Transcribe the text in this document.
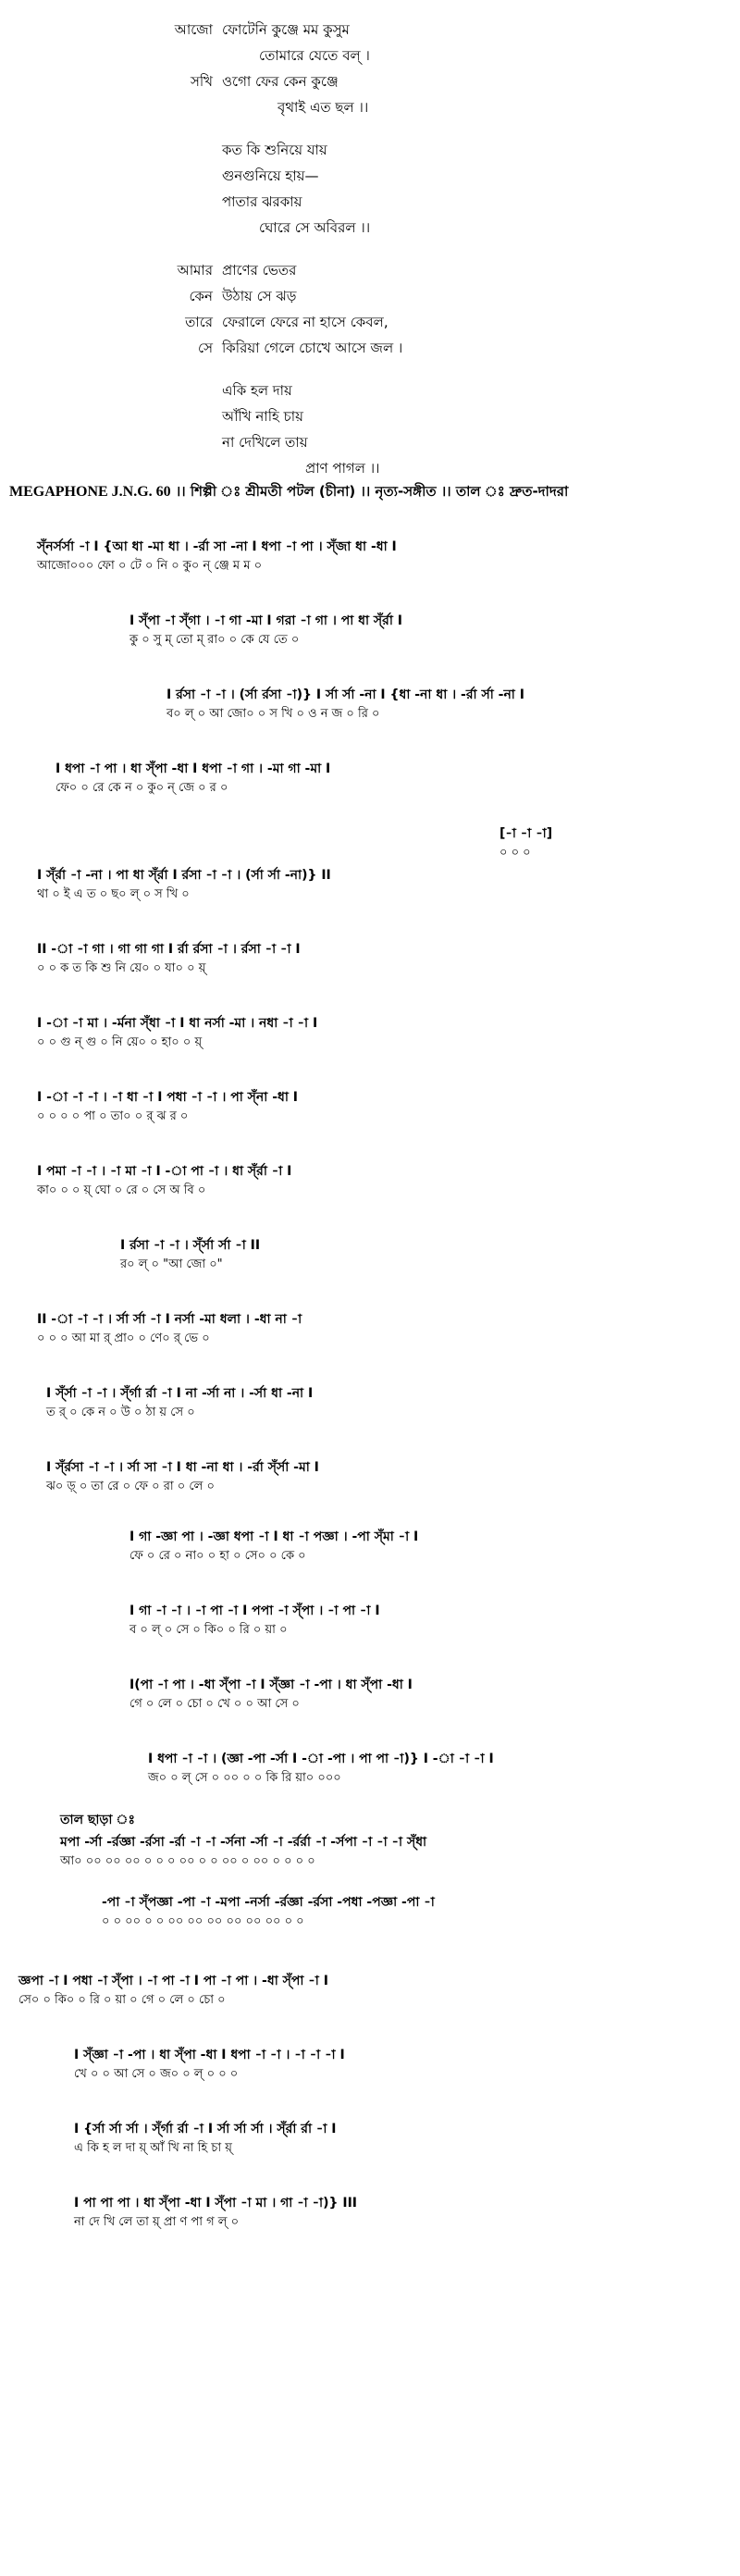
আজো ফোটেনি কুঞ্জে মম কুসুম
তোমারে যেতে বল্ ।
সখি ওগো ফের কেন কুঞ্জে
বৃথাই এত ছল ।।
কত কি শুনিয়ে যায়
গুনগুনিয়ে হায়—
পাতার ঝরকায়
ঘোরে সে অবিরল ।।
আমার প্রাণের ভেতর
কেন উঠায় সে ঝড়
তারে ফেরালে ফেরে না হাসে কেবল,
সে কিরিয়া গেলে চোখে আসে জল ।
একি হল দায়
আঁখি নাহি চায়
না দেখিলে তায়
প্রাণ পাগল ।।
MEGAPHONE J.N.G. 60 ।। শিল্পী ঃ শ্রীমতী পটল (চীনা) ।। নৃত্য-সঙ্গীত ।। তাল ঃ দ্রুত-দাদরা
স্ঁনর্সর্সা -া I {আ ধা -মা ধা । -র্রা সা -না I ধপা -া পা । স্ঁজা ধা -ধা I
আজো০০০ ফো ০ টে ০ নি ০ কু০ ন্ ঞ্জে ম ম ০
I স্ঁপা -া স্ঁগা । -া গা -মা I গরা -া গা । পা ধা স্ঁর্রা I
কু ০ সু ম্ তো ম্ রা০ ০ কে যে তে ০
I র্রসা -া -া । (র্সা র্রসা -া)} I র্সা র্সা -না I {ধা -না ধা । -র্রা র্সা -না I
ব০ ল্ ০ আ জো০ ০ স খি ০ ও ন জ ০ রি ০
I ধপা -া পা । ধা স্ঁপা -ধা I ধপা -া গা । -মা গা -মা I
ফে০ ০ রে কে ন ০ কু০ ন্ জে ০ র ০
[-া -া -া]
০ ০ ০
I স্ঁর্রা -া -না । পা ধা স্ঁর্রা I র্রসা -া -া । (র্সা র্সা -না)} II
থা ০ ই এ ত ০ ছ০ ল্ ০ স খি ০
II -া -া গা । গা গা গা I র্রা র্রসা -া । র্রসা -া -া I
০ ০ ক ত কি শু নি য়ে০ ০ যা০ ০ য়্
I -া -া মা । -র্মনা স্ঁধা -া I ধা নর্সা -মা । নধা -া -া I
০ ০ গু ন্ গু ০ নি য়ে০ ০ হা০ ০ য়্
I -া -া -া । -া ধা -া I পধা -া -া । পা স্ঁনা -ধা I
০ ০ ০ ০ পা ০ তা০ ০ র্ ঝ র ০
I পমা -া -া । -া মা -া I -া পা -া । ধা স্ঁর্রা -া I
কা০ ০ ০ য়্ ঘো ০ রে ০ সে অ বি ০
I র্রসা -া -া । স্ঁর্সা র্সা -া II
র০ ল্ ০ "আ জো ০"
II -া -া -া । র্সা র্সা -া I নর্সা -মা ধলা । -ধা না -া
০ ০ ০ আ মা র্ প্রা০ ০ ণে০ র্ ভে ০
I স্ঁর্সা -া -া । স্ঁর্গা র্রা -া I না -র্সা না । -র্সা ধা -না I
ত র্ ০ কে ন ০ উ ০ ঠা য় সে ০
I স্ঁর্রসা -া -া । র্সা সা -া I ধা -না ধা । -র্রা স্ঁর্সা -মা I
ঝ০ ড়্ ০ তা রে ০ ফে ০ রা ০ লে ০
I গা -জ্ঞা পা । -জ্ঞা ধপা -া I ধা -া পজ্ঞা । -পা স্ঁমা -া I
ফে ০ রে ০ না০ ০ হা ০ সে০ ০ কে ০
I গা -া -া । -া পা -া I পপা -া স্ঁপা । -া পা -া I
ব ০ ল্ ০ সে ০ কি০ ০ রি ০ য়া ০
I(পা -া পা । -ধা স্ঁপা -া I স্ঁজ্ঞা -া -পা । ধা স্ঁপা -ধা I
গে ০ লে ০ চো ০ খে ০ ০ আ সে ০
I ধপা -া -া । (জ্ঞা -পা -র্সা I -া -পা । পা পা -া)} I -া -া -া I
জ০ ০ ল্ সে ০ ০০ ০ ০ কি রি য়া০ ০০০
মপা -র্সা -র্রজ্ঞা -র্রসা -র্রা -া -া -র্সনা -র্সা -া -র্রর্রা -া -র্সপা -া -া -া স্ঁধা
আ০ ০০ ০০ ০০ ০ ০ ০ ০০ ০ ০ ০০ ০ ০০ ০ ০ ০ ০
-পা -া স্ঁপজ্ঞা -পা -া -মপা -নর্সা -র্রজ্ঞা -র্রসা -পধা -পজ্ঞা -পা -া
০ ০ ০০ ০ ০ ০০ ০০ ০০ ০০ ০০ ০০ ০ ০
জ্ঞপা -া I পধা -া স্ঁপা । -া পা -া I পা -া পা । -ধা স্ঁপা -া I
সে০ ০ কি০ ০ রি ০ য়া ০ গে ০ লে ০ চো ০
I স্ঁজ্ঞা -া -পা । ধা স্ঁপা -ধা I ধপা -া -া । -া -া -া I
খে ০ ০ আ সে ০ জ০ ০ ল্ ০ ০ ০
I {র্সা র্সা র্সা । স্ঁর্গা র্রা -া I র্সা র্সা র্সা । স্ঁর্রা র্রা -া I
এ কি হ ল দা য়্ আঁ খি না হি চা য়্
I পা পা পা । ধা স্ঁপা -ধা I স্ঁপা -া মা । গা -া -া)} III
না দে খি লে তা য়্ প্রা ণ পা গ ল্ ০
তাল ছাড়া ঃ
